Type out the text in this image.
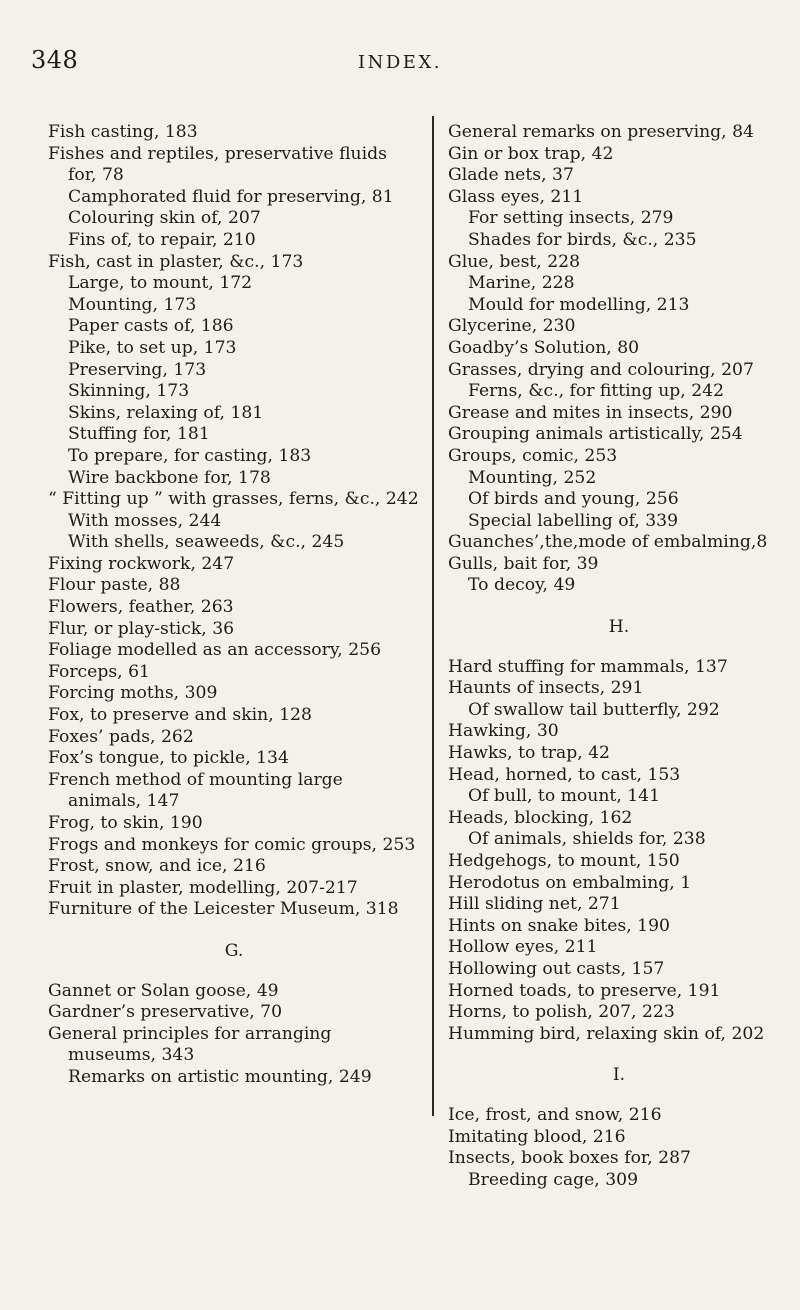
348	INDEX.
Fish casting, 183
Fishes and reptiles, preservative fluids for, 78
Camphorated fluid for preserving, 81
Colouring skin of, 207
Fins of, to repair, 210
Fish, cast in plaster, &c., 173
Large, to mount, 172
Mounting, 173
Paper casts of, 186
Pike, to set up, 173
Preserving, 173
Skinning, 173
Skins, relaxing of, 181
Stuffing for, 181
To prepare, for casting, 183
Wire backbone for, 178
“ Fitting up ” with grasses, ferns, &c., 242
With mosses, 244
With shells, seaweeds, &c., 245
Fixing rockwork, 247
Flour paste, 88
Flowers, feather, 263
Flur, or play-stick, 36
Foliage modelled as an accessory, 256
Forceps, 61
Forcing moths, 309
Fox, to preserve and skin, 128
Foxes’ pads, 262
Fox’s tongue, to pickle, 134
French method of mounting large animals, 147
Frog, to skin, 190
Frogs and monkeys for comic groups, 253
Frost, snow, and ice, 216
Fruit in plaster, modelling, 207-217
Furniture of the Leicester Museum, 318
G.
Gannet or Solan goose, 49
Gardner’s preservative, 70
General principles for arranging museums, 343
Remarks on artistic mounting, 249
General remarks on preserving, 84
Gin or box trap, 42
Glade nets, 37
Glass eyes, 211
For setting insects, 279
Shades for birds, &c., 235
Glue, best, 228
Marine, 228
Mould for modelling, 213
Glycerine, 230
Goadby’s Solution, 80
Grasses, drying and colouring, 207
Ferns, &c., for fitting up, 242
Grease and mites in insects, 290
Grouping animals artistically, 254
Groups, comic, 253
Mounting, 252
Of birds and young, 256
Special labelling of, 339
Guanches’,the,mode of embalming,8
Gulls, bait for, 39
To decoy, 49
H.
Hard stuffing for mammals, 137
Haunts of insects, 291
Of swallow tail butterfly, 292
Hawking, 30
Hawks, to trap, 42
Head, horned, to cast, 153
Of bull, to mount, 141
Heads, blocking, 162
Of animals, shields for, 238
Hedgehogs, to mount, 150
Herodotus on embalming, 1
Hill sliding net, 271
Hints on snake bites, 190
Hollow eyes, 211
Hollowing out casts, 157
Horned toads, to preserve, 191
Horns, to polish, 207, 223
Humming bird, relaxing skin of, 202
I.
Ice, frost, and snow, 216
Imitating blood, 216
Insects, book boxes for, 287
Breeding cage, 309
